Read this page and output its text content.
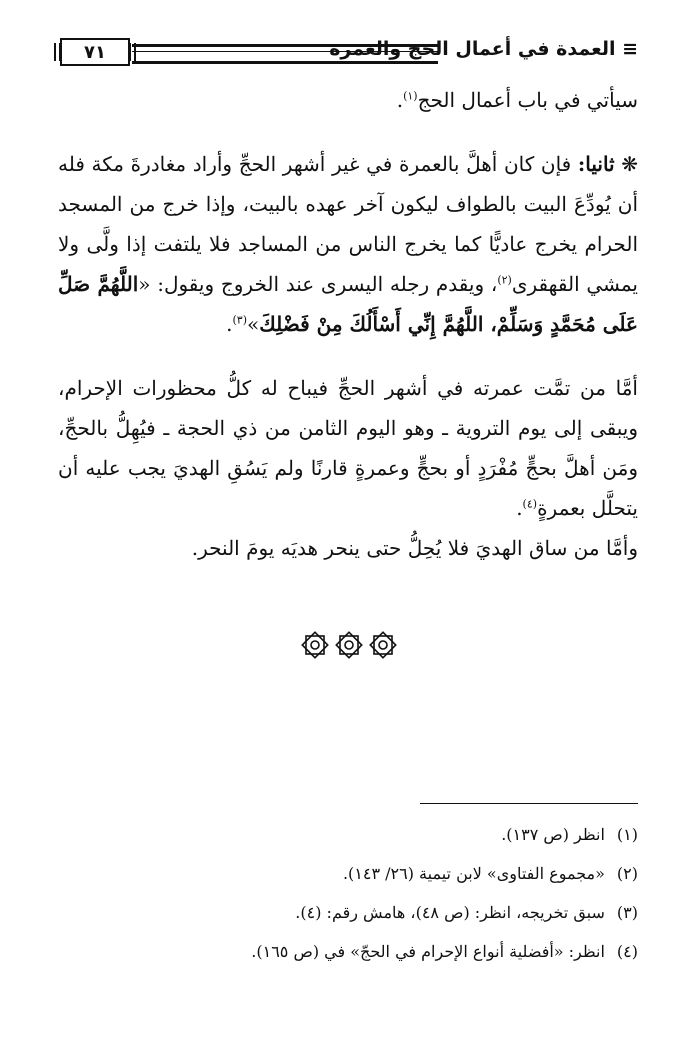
٧١	≡ العمدة في أعمال الحج والعمرة

سيأتي في باب أعمال الحج$^{(١)}$.

❋ ثانيا: فإن كان أهلَّ بالعمرة في غير أشهر الحجِّ وأراد مغادرةَ مكة فله أن يُودِّعَ البيت بالطواف ليكون آخر عهده بالبيت، وإذا خرج من المسجد الحرام يخرج عاديًّا كما يخرج الناس من المساجد فلا يلتفت إذا ولَّى ولا يمشي القهقرى$^{(٢)}$، ويقدم رجله اليسرى عند الخروج ويقول: «اللَّهُمَّ صَلِّ عَلَى مُحَمَّدٍ وَسَلِّمْ، اللَّهُمَّ إِنِّي أَسْأَلُكَ مِنْ فَضْلِكَ»$^{(٣)}$.

أمَّا من تمَّت عمرته في أشهر الحجِّ فيباح له كلُّ محظورات الإحرام، ويبقى إلى يوم التروية ـ وهو اليوم الثامن من ذي الحجة ـ فيُهِلُّ بالحجِّ، ومَن أهلَّ بحجٍّ مُفْرَدٍ أو بحجٍّ وعمرةٍ قارنًا ولم يَسُقِ الهديَ يجب عليه أن يتحلَّل بعمرةٍ$^{(٤)}$.

وأمَّا من ساق الهديَ فلا يُحِلُّ حتى ينحر هديَه يومَ النحر.

(١) انظر (ص ١٣٧).
(٢) «مجموع الفتاوى» لابن تيمية (٢٦/ ١٤٣).
(٣) سبق تخريجه، انظر: (ص ٤٨)، هامش رقم: (٤).
(٤) انظر: «أفضلية أنواع الإحرام في الحجّ» في (ص ١٦٥).
